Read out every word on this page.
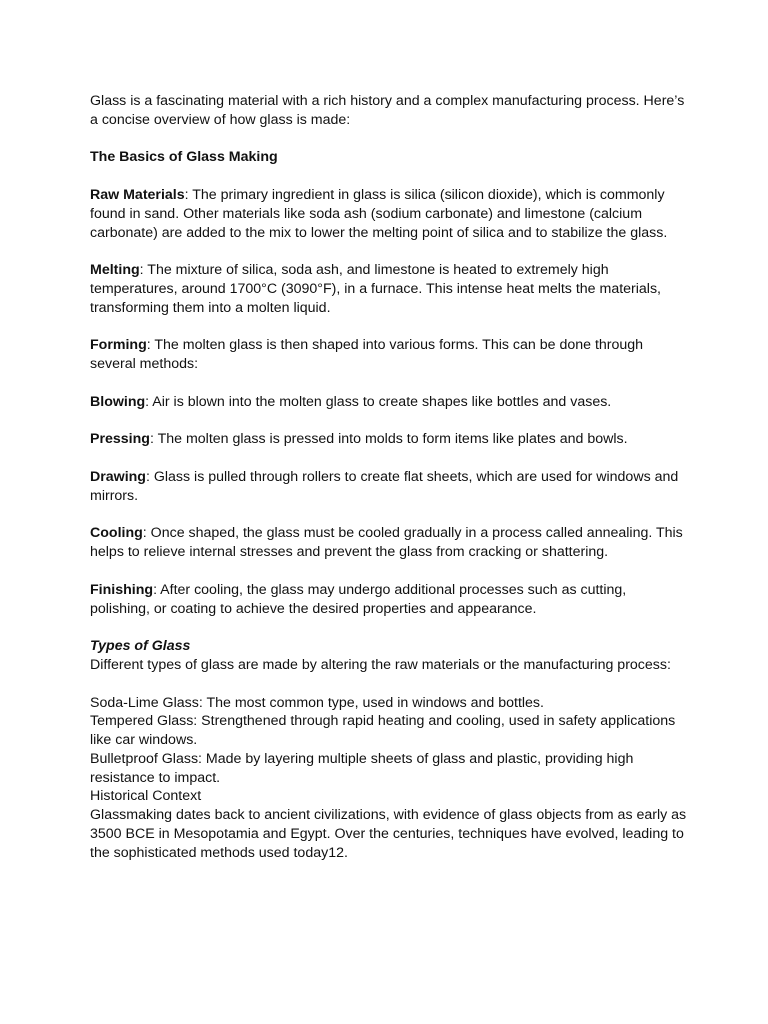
Glass is a fascinating material with a rich history and a complex manufacturing process. Here’s a concise overview of how glass is made:

The Basics of Glass Making

Raw Materials: The primary ingredient in glass is silica (silicon dioxide), which is commonly found in sand. Other materials like soda ash (sodium carbonate) and limestone (calcium carbonate) are added to the mix to lower the melting point of silica and to stabilize the glass.

Melting: The mixture of silica, soda ash, and limestone is heated to extremely high temperatures, around 1700°C (3090°F), in a furnace. This intense heat melts the materials, transforming them into a molten liquid.

Forming: The molten glass is then shaped into various forms. This can be done through several methods:

Blowing: Air is blown into the molten glass to create shapes like bottles and vases.

Pressing: The molten glass is pressed into molds to form items like plates and bowls.

Drawing: Glass is pulled through rollers to create flat sheets, which are used for windows and mirrors.

Cooling: Once shaped, the glass must be cooled gradually in a process called annealing. This helps to relieve internal stresses and prevent the glass from cracking or shattering.

Finishing: After cooling, the glass may undergo additional processes such as cutting, polishing, or coating to achieve the desired properties and appearance.

Types of Glass

Different types of glass are made by altering the raw materials or the manufacturing process:

Soda-Lime Glass: The most common type, used in windows and bottles.

Tempered Glass: Strengthened through rapid heating and cooling, used in safety applications like car windows.

Bulletproof Glass: Made by layering multiple sheets of glass and plastic, providing high resistance to impact.

Historical Context

Glassmaking dates back to ancient civilizations, with evidence of glass objects from as early as 3500 BCE in Mesopotamia and Egypt. Over the centuries, techniques have evolved, leading to the sophisticated methods used today12.
